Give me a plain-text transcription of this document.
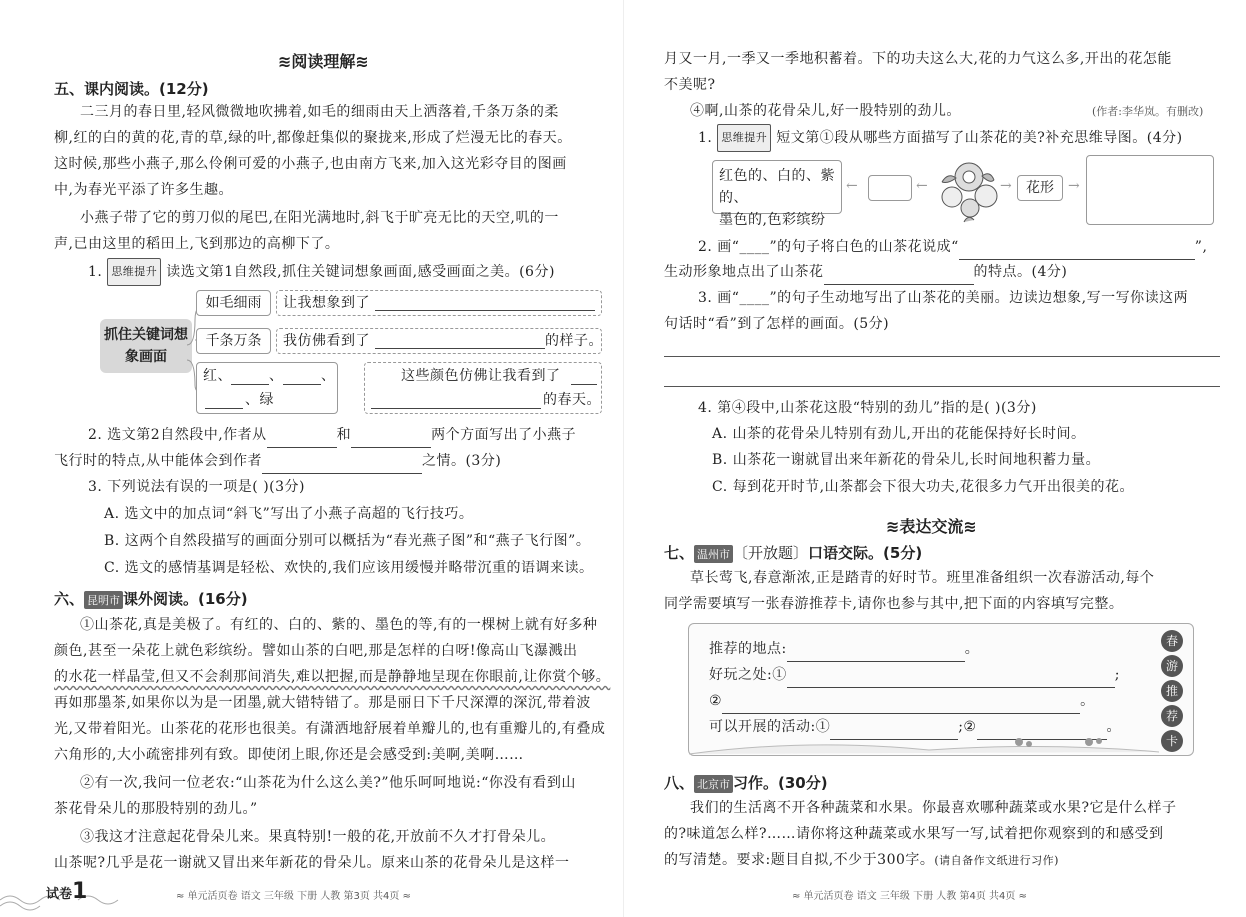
≋阅读理解≋
五、课内阅读。(12分)
二三月的春日里,轻风微微地吹拂着,如毛的细雨由天上洒落着,千条万条的柔
柳,红的白的黄的花,青的草,绿的叶,都像赶集似的聚拢来,形成了烂漫无比的春天。
这时候,那些小燕子,那么伶俐可爱的小燕子,也由南方飞来,加入这光彩夺目的图画
中,为春光平添了许多生趣。
小燕子带了它的剪刀似的尾巴,在阳光满地时,斜飞于旷亮无比的天空,叽的一
声,已由这里的稻田上,飞到那边的高柳下了。
1. 思维提升 读选文第1自然段,抓住关键词想象画面,感受画面之美。(6分)
抓住关键词想象画面
如毛细雨	让我想象到了
千条万条	我仿佛看到了	的样子。
红、	、	、
、绿
这些颜色仿佛让我看到了
的春天。
2. 选文第2自然段中,作者从	和	两个方面写出了小燕子
飞行时的特点,从中能体会到作者	之情。(3分)
3. 下列说法有误的一项是( )(3分)
A. 选文中的加点词“斜飞”写出了小燕子高超的飞行技巧。
B. 这两个自然段描写的画面分别可以概括为“春光燕子图”和“燕子飞行图”。
C. 选文的感情基调是轻松、欢快的,我们应该用缓慢并略带沉重的语调来读。
六、 昆明市 课外阅读。(16分)
①山茶花,真是美极了。有红的、白的、紫的、墨色的等,有的一棵树上就有好多种
颜色,甚至一朵花上就色彩缤纷。譬如山茶的白吧,那是怎样的白呀!像高山飞瀑溅出
的水花一样晶莹,但又不会刹那间消失,难以把握,而是静静地呈现在你眼前,让你赏个够。
再如那墨茶,如果你以为是一团墨,就大错特错了。那是丽日下千尺深潭的深沉,带着波
光,又带着阳光。山茶花的花形也很美。有潇洒地舒展着单瓣儿的,也有重瓣儿的,有叠成
六角形的,大小疏密排列有致。即使闭上眼,你还是会感受到:美啊,美啊……
②有一次,我问一位老农:“山茶花为什么这么美?”他乐呵呵地说:“你没有看到山
茶花骨朵儿的那股特别的劲儿。”
③我这才注意起花骨朵儿来。果真特别!一般的花,开放前不久才打骨朵儿。
山茶呢?几乎是花一谢就又冒出来年新花的骨朵儿。原来山茶的花骨朵儿是这样一
试卷1	≈ 单元活页卷 语文 三年级 下册 人教 第3页 共4页 ≈
月又一月,一季又一季地积蓄着。下的功夫这么大,花的力气这么多,开出的花怎能
不美呢?
④啊,山茶的花骨朵儿,好一股特别的劲儿。	(作者:李华岚。有删改)
1. 思维提升 短文第①段从哪些方面描写了山茶花的美?补充思维导图。(4分)
红色的、白的、紫的、
墨色的,色彩缤纷
←	←	→	花形	→
2. 画“____”的句子将白色的山茶花说成“	”,
生动形象地点出了山茶花	的特点。(4分)
3. 画“____”的句子生动地写出了山茶花的美丽。边读边想象,写一写你读这两
句话时“看”到了怎样的画面。(5分)
4. 第④段中,山茶花这股“特别的劲儿”指的是( )(3分)
A. 山茶的花骨朵儿特别有劲儿,开出的花能保持好长时间。
B. 山茶花一谢就冒出来年新花的骨朵儿,长时间地积蓄力量。
C. 每到花开时节,山茶都会下很大功夫,花很多力气开出很美的花。
≋表达交流≋
七、 温州市 〔开放题〕口语交际。(5分)
草长莺飞,春意渐浓,正是踏青的好时节。班里准备组织一次春游活动,每个
同学需要填写一张春游推荐卡,请你也参与其中,把下面的内容填写完整。
推荐的地点:	。
好玩之处:①	;
②	。
可以开展的活动:①	;②	。
春
游
推
荐
卡
八、 北京市 习作。(30分)
我们的生活离不开各种蔬菜和水果。你最喜欢哪种蔬菜或水果?它是什么样子
的?味道怎么样?……请你将这种蔬菜或水果写一写,试着把你观察到的和感受到
的写清楚。要求:题目自拟,不少于300字。(请自备作文纸进行习作)
≈ 单元活页卷 语文 三年级 下册 人教 第4页 共4页 ≈
